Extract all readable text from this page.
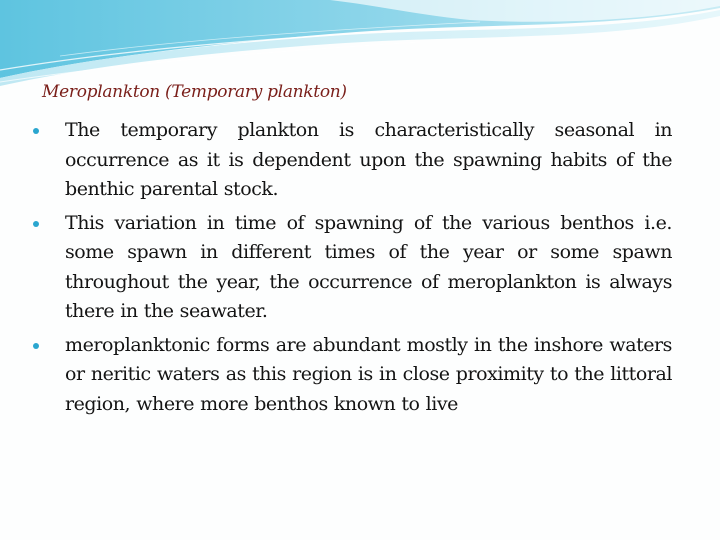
Meroplankton (Temporary plankton)
The temporary plankton is characteristically seasonal in occurrence as it is dependent upon the spawning habits of the benthic parental stock.
This variation in time of spawning of the various benthos i.e. some spawn in different times of the year or some spawn throughout the year, the occurrence of meroplankton is always there in the seawater.
meroplanktonic forms are abundant mostly in the inshore waters or neritic waters as this region is in close proximity to the littoral region, where more benthos known to live
